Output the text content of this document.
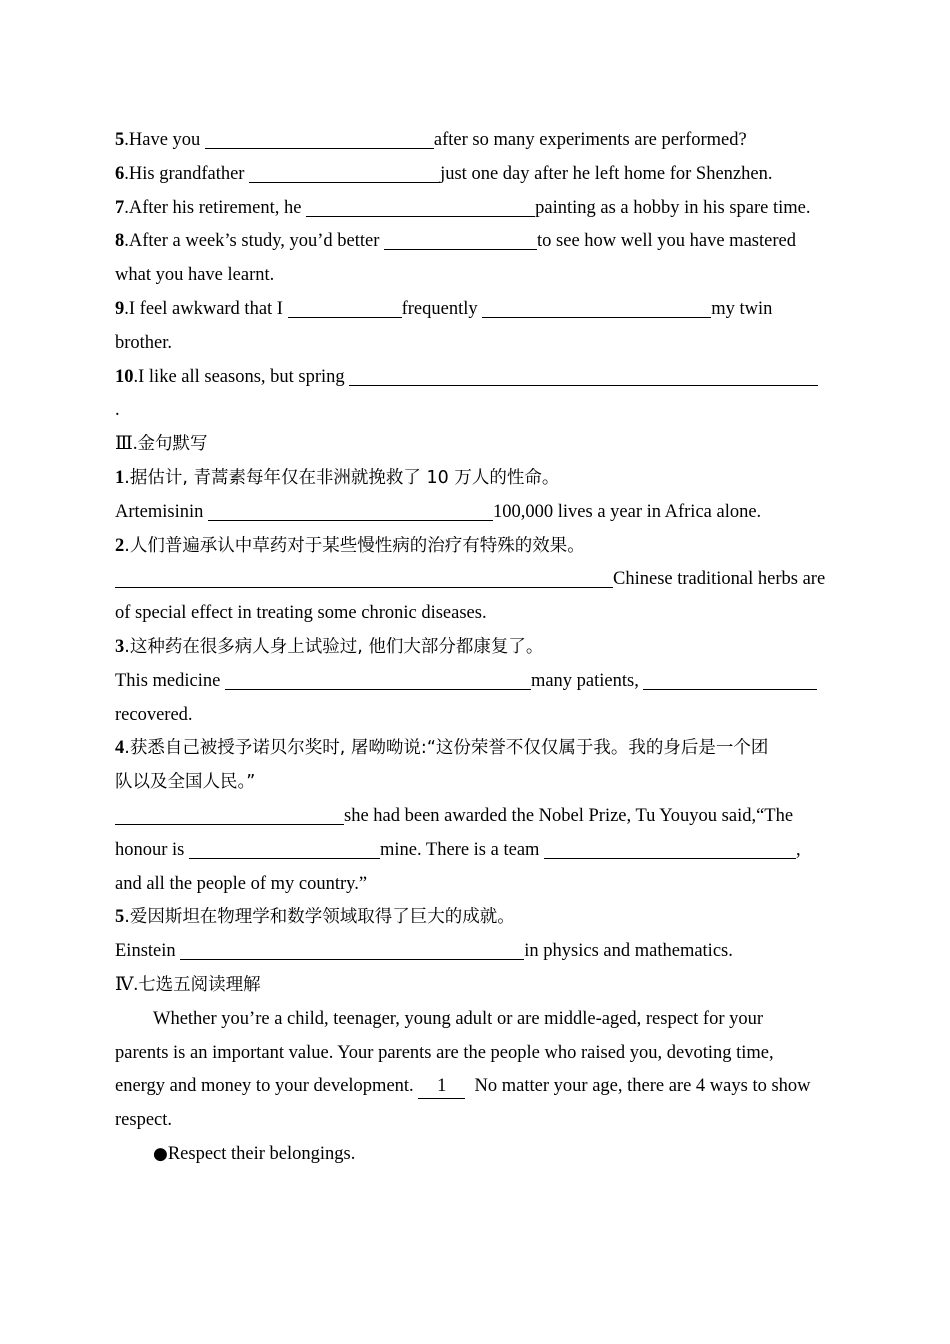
5.Have you	after so many experiments are performed?
6.His grandfather	just one day after he left home for Shenzhen.
7.After his retirement, he	painting as a hobby in his spare time.
8.After a week’s study, you’d better	to see how well you have mastered
what you have learnt.
9.I feel awkward that I	frequently	my twin
brother.
10.I like all seasons, but spring
.
Ⅲ.金句默写
1.据估计, 青蒿素每年仅在非洲就挽救了 10 万人的性命。
Artemisinin	100,000 lives a year in Africa alone.
2.人们普遍承认中草药对于某些慢性病的治疗有特殊的效果。
Chinese traditional herbs are
of special effect in treating some chronic diseases.
3.这种药在很多病人身上试验过, 他们大部分都康复了。
This medicine	many patients,
recovered.
4.获悉自己被授予诺贝尔奖时, 屠呦呦说:“这份荣誉不仅仅属于我。我的身后是一个团
队以及全国人民。”
she had been awarded the Nobel Prize, Tu Youyou said,“The
honour is	mine. There is a team	,
and all the people of my country.”
5.爱因斯坦在物理学和数学领域取得了巨大的成就。
Einstein	in physics and mathematics.
Ⅳ.七选五阅读理解
Whether you’re a child, teenager, young adult or are middle-aged, respect for your
parents is an important value. Your parents are the people who raised you, devoting time,
energy and money to your development. 1  No matter your age, there are 4 ways to show
respect.
●Respect their belongings.
